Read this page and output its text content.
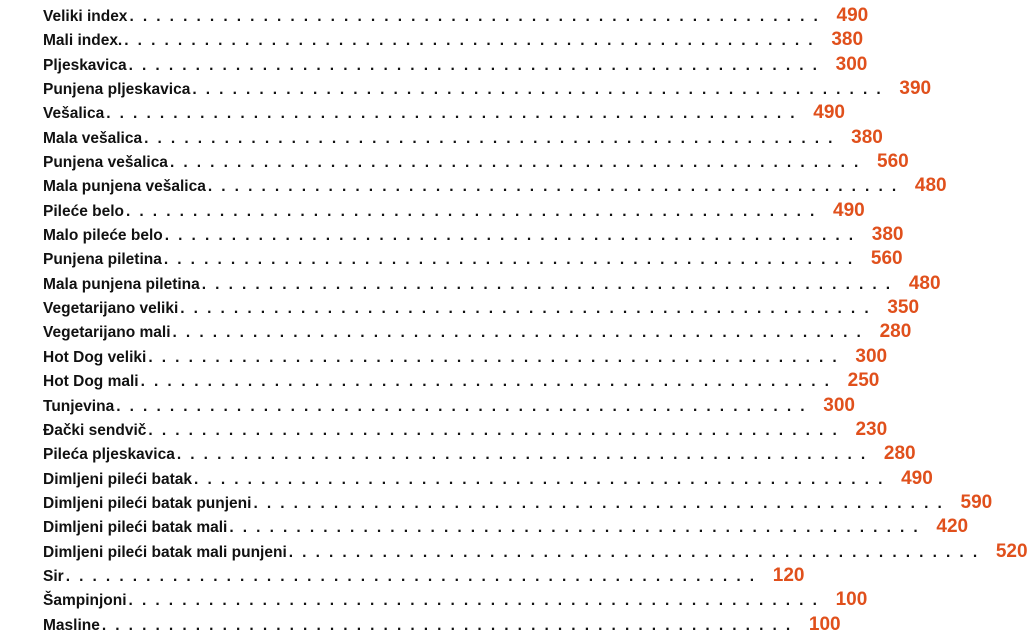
Veliki index . . . . . . . . . . . . . . . . . . . . . . . . . . . . . . . . . . . . . . . . . . . . . . . . . . . . 490
Mali index. . . . . . . . . . . . . . . . . . . . . . . . . . . . . . . . . . . . . . . . . . . . . . . . . . . . . 380
Pljeskavica . . . . . . . . . . . . . . . . . . . . . . . . . . . . . . . . . . . . . . . . . . . . . . . . . . . . 300
Punjena pljeskavica . . . . . . . . . . . . . . . . . . . . . . . . . . . . . . . . . . . . . . . . . . . . . . . . . . . . 390
Vešalica . . . . . . . . . . . . . . . . . . . . . . . . . . . . . . . . . . . . . . . . . . . . . . . . . . . . 490
Mala vešalica . . . . . . . . . . . . . . . . . . . . . . . . . . . . . . . . . . . . . . . . . . . . . . . . . . . . 380
Punjena vešalica . . . . . . . . . . . . . . . . . . . . . . . . . . . . . . . . . . . . . . . . . . . . . . . . . . . . 560
Mala punjena vešalica . . . . . . . . . . . . . . . . . . . . . . . . . . . . . . . . . . . . . . . . . . . . . . . . . . . . 480
Pileće belo . . . . . . . . . . . . . . . . . . . . . . . . . . . . . . . . . . . . . . . . . . . . . . . . . . . . 490
Malo pileće belo . . . . . . . . . . . . . . . . . . . . . . . . . . . . . . . . . . . . . . . . . . . . . . . . . . . . 380
Punjena piletina . . . . . . . . . . . . . . . . . . . . . . . . . . . . . . . . . . . . . . . . . . . . . . . . . . . . 560
Mala punjena piletina . . . . . . . . . . . . . . . . . . . . . . . . . . . . . . . . . . . . . . . . . . . . . . . . . . . . 480
Vegetarijano veliki . . . . . . . . . . . . . . . . . . . . . . . . . . . . . . . . . . . . . . . . . . . . . . . . . . . . 350
Vegetarijano mali . . . . . . . . . . . . . . . . . . . . . . . . . . . . . . . . . . . . . . . . . . . . . . . . . . . . 280
Hot Dog veliki . . . . . . . . . . . . . . . . . . . . . . . . . . . . . . . . . . . . . . . . . . . . . . . . . . . . 300
Hot Dog mali . . . . . . . . . . . . . . . . . . . . . . . . . . . . . . . . . . . . . . . . . . . . . . . . . . . . 250
Tunjevina . . . . . . . . . . . . . . . . . . . . . . . . . . . . . . . . . . . . . . . . . . . . . . . . . . . . 300
Đački sendvič . . . . . . . . . . . . . . . . . . . . . . . . . . . . . . . . . . . . . . . . . . . . . . . . . . . . 230
Pileća pljeskavica . . . . . . . . . . . . . . . . . . . . . . . . . . . . . . . . . . . . . . . . . . . . . . . . . . . . 280
Dimljeni pileći batak . . . . . . . . . . . . . . . . . . . . . . . . . . . . . . . . . . . . . . . . . . . . . . . . . . . . 490
Dimljeni pileći batak punjeni . . . . . . . . . . . . . . . . . . . . . . . . . . . . . . . . . . . . . . . . . . . . . . . . . . . . 590
Dimljeni pileći batak mali . . . . . . . . . . . . . . . . . . . . . . . . . . . . . . . . . . . . . . . . . . . . . . . . . . . . 420
Dimljeni pileći batak mali punjeni . . . . . . . . . . . . . . . . . . . . . . . . . . . . . . . . . . . . . . . . . . . . . . . . . . . . 520
Sir . . . . . . . . . . . . . . . . . . . . . . . . . . . . . . . . . . . . . . . . . . . . . . . . . . . . 120
Šampinjoni . . . . . . . . . . . . . . . . . . . . . . . . . . . . . . . . . . . . . . . . . . . . . . . . . . . . 100
Masline . . . . . . . . . . . . . . . . . . . . . . . . . . . . . . . . . . . . . . . . . . . . . . . . . . . . 100
